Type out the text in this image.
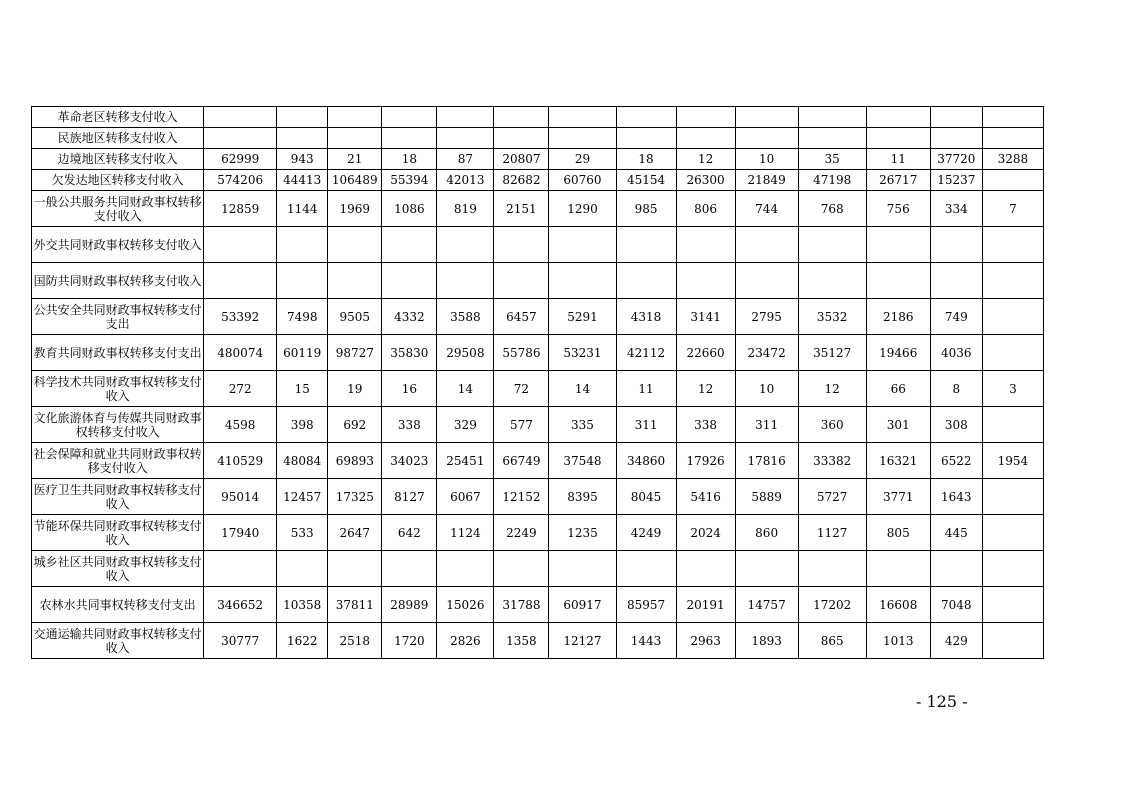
革命老区转移支付收入														
民族地区转移支付收入														
边境地区转移支付收入	62999	943	21	18	87	20807	29	18	12	10	35	11	37720	3288
欠发达地区转移支付收入	574206	44413	106489	55394	42013	82682	60760	45154	26300	21849	47198	26717	15237	
一般公共服务共同财政事权转移支付收入	12859	1144	1969	1086	819	2151	1290	985	806	744	768	756	334	7
外交共同财政事权转移支付收入														
国防共同财政事权转移支付收入														
公共安全共同财政事权转移支付支出	53392	7498	9505	4332	3588	6457	5291	4318	3141	2795	3532	2186	749	
教育共同财政事权转移支付支出	480074	60119	98727	35830	29508	55786	53231	42112	22660	23472	35127	19466	4036	
科学技术共同财政事权转移支付收入	272	15	19	16	14	72	14	11	12	10	12	66	8	3
文化旅游体育与传媒共同财政事权转移支付收入	4598	398	692	338	329	577	335	311	338	311	360	301	308	
社会保障和就业共同财政事权转移支付收入	410529	48084	69893	34023	25451	66749	37548	34860	17926	17816	33382	16321	6522	1954
医疗卫生共同财政事权转移支付收入	95014	12457	17325	8127	6067	12152	8395	8045	5416	5889	5727	3771	1643	
节能环保共同财政事权转移支付收入	17940	533	2647	642	1124	2249	1235	4249	2024	860	1127	805	445	
城乡社区共同财政事权转移支付收入														
农林水共同事权转移支付支出	346652	10358	37811	28989	15026	31788	60917	85957	20191	14757	17202	16608	7048	
交通运输共同财政事权转移支付收入	30777	1622	2518	1720	2826	1358	12127	1443	2963	1893	865	1013	429	
- 125 -
